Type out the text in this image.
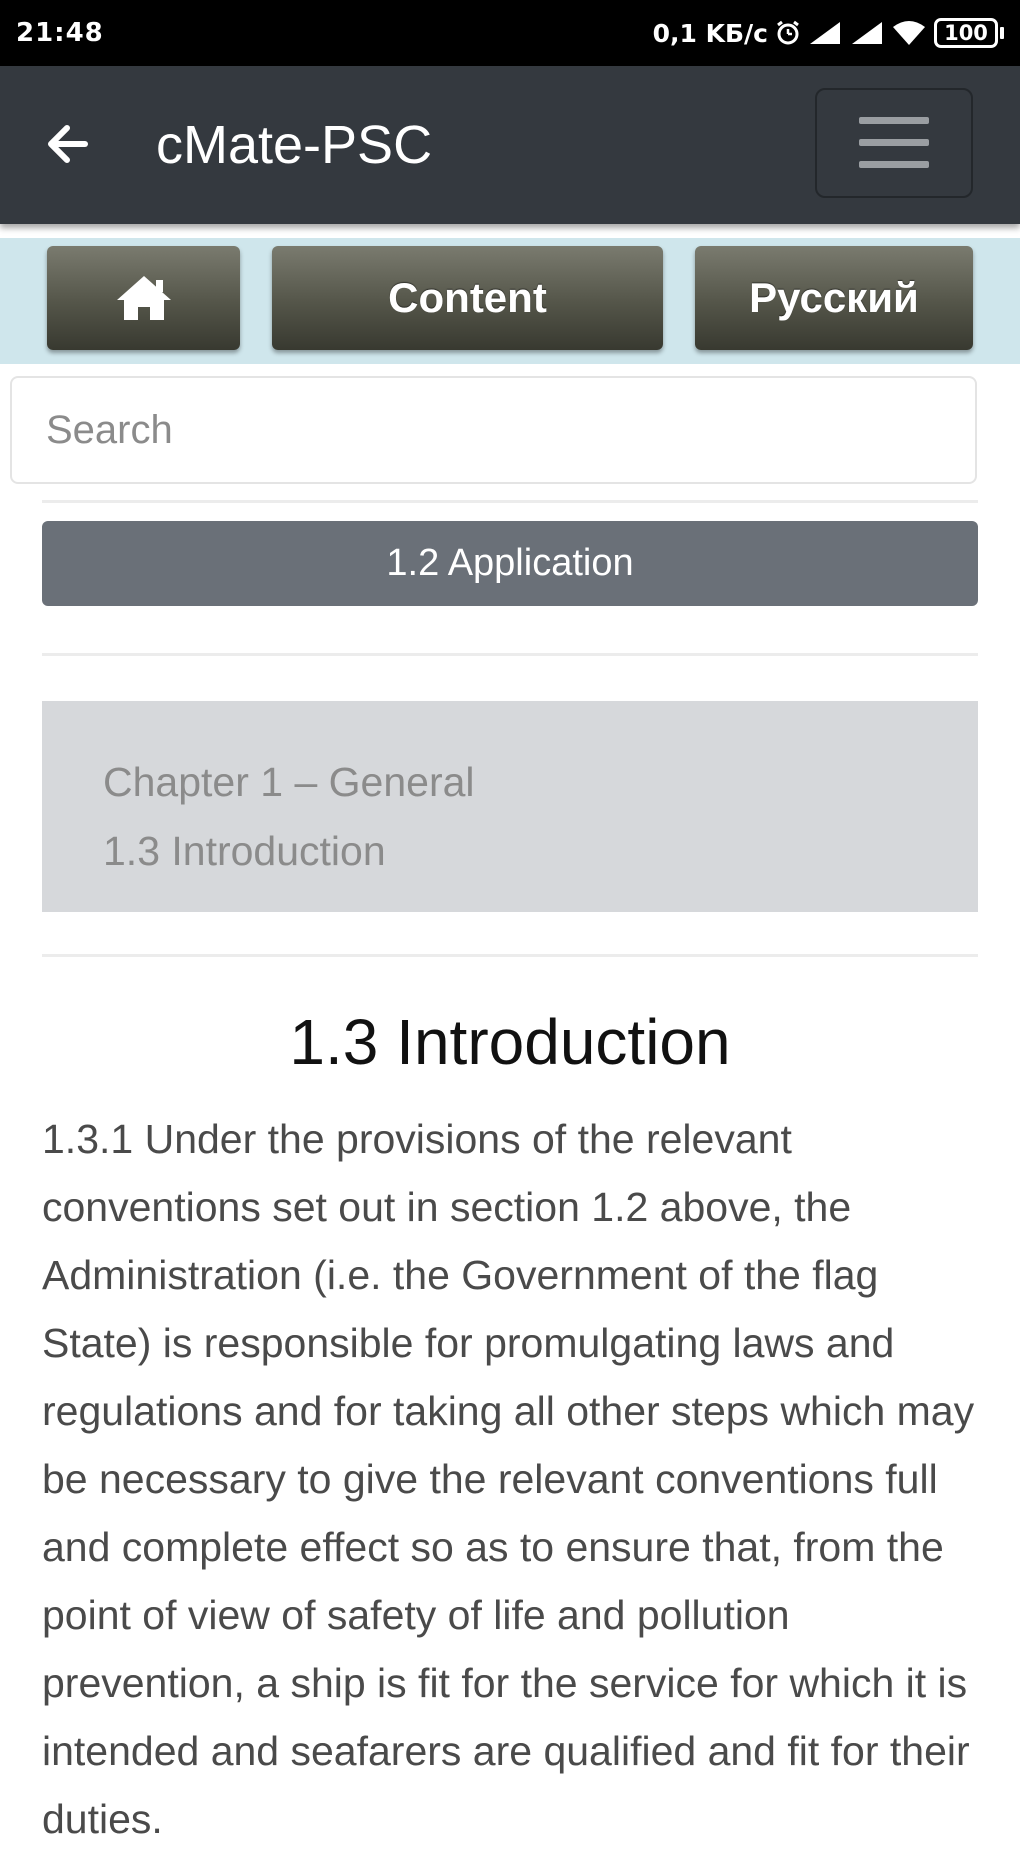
21:48	0,1 KБ/c	100
cMate-PSC
Content	Русский
Search
1.2 Application
Chapter 1 – General
1.3 Introduction
1.3 Introduction

1.3.1 Under the provisions of the relevant conventions set out in section 1.2 above, the Administration (i.e. the Government of the flag State) is responsible for promulgating laws and regulations and for taking all other steps which may be necessary to give the relevant conventions full and complete effect so as to ensure that, from the point of view of safety of life and pollution prevention, a ship is fit for the service for which it is intended and seafarers are qualified and fit for their duties.
